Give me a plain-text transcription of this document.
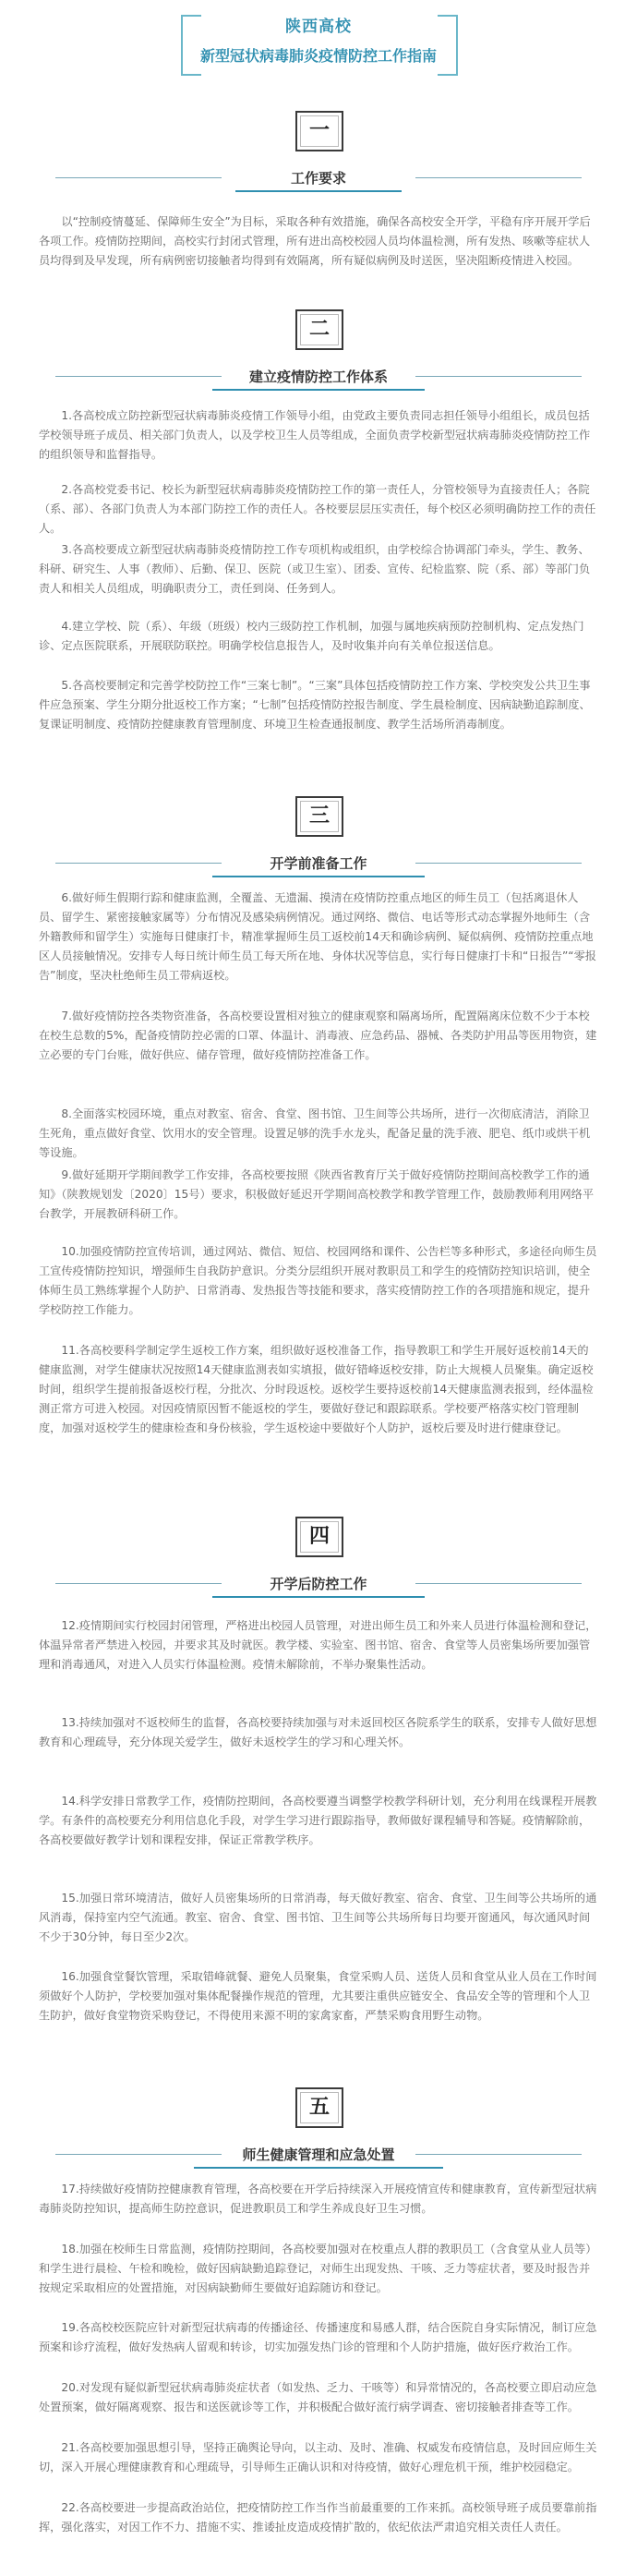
陕西高校
新型冠状病毒肺炎疫情防控工作指南
一
工作要求

以“控制疫情蔓延、保障师生安全”为目标，采取各种有效措施，确保各高校安全开学，平稳有序开展开学后各项工作。疫情防控期间，高校实行封闭式管理，所有进出高校校园人员均体温检测，所有发热、咳嗽等症状人员均得到及早发现，所有病例密切接触者均得到有效隔离，所有疑似病例及时送医，坚决阻断疫情进入校园。

二
建立疫情防控工作体系

1.各高校成立防控新型冠状病毒肺炎疫情工作领导小组，由党政主要负责同志担任领导小组组长，成员包括学校领导班子成员、相关部门负责人，以及学校卫生人员等组成，全面负责学校新型冠状病毒肺炎疫情防控工作的组织领导和监督指导。

2.各高校党委书记、校长为新型冠状病毒肺炎疫情防控工作的第一责任人，分管校领导为直接责任人；各院（系、部）、各部门负责人为本部门防控工作的责任人。各校要层层压实责任，每个校区必须明确防控工作的责任人。

3.各高校要成立新型冠状病毒肺炎疫情防控工作专项机构或组织，由学校综合协调部门牵头，学生、教务、科研、研究生、人事（教师）、后勤、保卫、医院（或卫生室）、团委、宣传、纪检监察、院（系、部）等部门负责人和相关人员组成，明确职责分工，责任到岗、任务到人。

4.建立学校、院（系）、年级（班级）校内三级防控工作机制，加强与属地疾病预防控制机构、定点发热门诊、定点医院联系，开展联防联控。明确学校信息报告人，及时收集并向有关单位报送信息。

5.各高校要制定和完善学校防控工作“三案七制”。“三案”具体包括疫情防控工作方案、学校突发公共卫生事件应急预案、学生分期分批返校工作方案；“七制”包括疫情防控报告制度、学生晨检制度、因病缺勤追踪制度、复课证明制度、疫情防控健康教育管理制度、环境卫生检查通报制度、教学生活场所消毒制度。

三
开学前准备工作

6.做好师生假期行踪和健康监测，全覆盖、无遗漏、摸清在疫情防控重点地区的师生员工（包括离退休人员、留学生、紧密接触家属等）分布情况及感染病例情况。通过网络、微信、电话等形式动态掌握外地师生（含外籍教师和留学生）实施每日健康打卡，精准掌握师生员工返校前14天和确诊病例、疑似病例、疫情防控重点地区人员接触情况。安排专人每日统计师生员工每天所在地、身体状况等信息，实行每日健康打卡和“日报告”“零报告”制度，坚决杜绝师生员工带病返校。

7.做好疫情防控各类物资准备，各高校要设置相对独立的健康观察和隔离场所，配置隔离床位数不少于本校在校生总数的5%，配备疫情防控必需的口罩、体温计、消毒液、应急药品、器械、各类防护用品等医用物资，建立必要的专门台账，做好供应、储存管理，做好疫情防控准备工作。

8.全面落实校园环境，重点对教室、宿舍、食堂、图书馆、卫生间等公共场所，进行一次彻底清洁，消除卫生死角，重点做好食堂、饮用水的安全管理。设置足够的洗手水龙头，配备足量的洗手液、肥皂、纸巾或烘干机等设施。

9.做好延期开学期间教学工作安排，各高校要按照《陕西省教育厅关于做好疫情防控期间高校教学工作的通知》（陕教规划发〔2020〕15号）要求，积极做好延迟开学期间高校教学和教学管理工作，鼓励教师利用网络平台教学，开展教研科研工作。

10.加强疫情防控宣传培训，通过网站、微信、短信、校园网络和课件、公告栏等多种形式，多途径向师生员工宣传疫情防控知识，增强师生自我防护意识。分类分层组织开展对教职员工和学生的疫情防控知识培训，使全体师生员工熟练掌握个人防护、日常消毒、发热报告等技能和要求，落实疫情防控工作的各项措施和规定，提升学校防控工作能力。

11.各高校要科学制定学生返校工作方案，组织做好返校准备工作，指导教职工和学生开展好返校前14天的健康监测，对学生健康状况按照14天健康监测表如实填报，做好错峰返校安排，防止大规模人员聚集。确定返校时间，组织学生提前报备返校行程，分批次、分时段返校。返校学生要持返校前14天健康监测表报到，经体温检测正常方可进入校园。对因疫情原因暂不能返校的学生，要做好登记和跟踪联系。学校要严格落实校门管理制度，加强对返校学生的健康检查和身份核验，学生返校途中要做好个人防护，返校后要及时进行健康登记。

四
开学后防控工作

12.疫情期间实行校园封闭管理，严格进出校园人员管理，对进出师生员工和外来人员进行体温检测和登记，体温异常者严禁进入校园，并要求其及时就医。教学楼、实验室、图书馆、宿舍、食堂等人员密集场所要加强管理和消毒通风，对进入人员实行体温检测。疫情未解除前，不举办聚集性活动。

13.持续加强对不返校师生的监督，各高校要持续加强与对未返回校区各院系学生的联系，安排专人做好思想教育和心理疏导，充分体现关爱学生，做好未返校学生的学习和心理关怀。

14.科学安排日常教学工作，疫情防控期间，各高校要遵当调整学校教学科研计划，充分利用在线课程开展教学。有条件的高校要充分利用信息化手段，对学生学习进行跟踪指导，教师做好课程辅导和答疑。疫情解除前，各高校要做好教学计划和课程安排，保证正常教学秩序。

15.加强日常环境清洁，做好人员密集场所的日常消毒，每天做好教室、宿舍、食堂、卫生间等公共场所的通风消毒，保持室内空气流通。教室、宿舍、食堂、图书馆、卫生间等公共场所每日均要开窗通风，每次通风时间不少于30分钟，每日至少2次。

16.加强食堂餐饮管理，采取错峰就餐、避免人员聚集，食堂采购人员、送货人员和食堂从业人员在工作时间须做好个人防护，学校要加强对集体配餐操作规范的管理，尤其要注重供应链安全、食品安全等的管理和个人卫生防护，做好食堂物资采购登记，不得使用来源不明的家禽家畜，严禁采购食用野生动物。

五
师生健康管理和应急处置

17.持续做好疫情防控健康教育管理，各高校要在开学后持续深入开展疫情宣传和健康教育，宣传新型冠状病毒肺炎防控知识，提高师生防控意识，促进教职员工和学生养成良好卫生习惯。

18.加强在校师生日常监测，疫情防控期间，各高校要加强对在校重点人群的教职员工（含食堂从业人员等）和学生进行晨检、午检和晚检，做好因病缺勤追踪登记，对师生出现发热、干咳、乏力等症状者，要及时报告并按规定采取相应的处置措施，对因病缺勤师生要做好追踪随访和登记。

19.各高校校医院应针对新型冠状病毒的传播途径、传播速度和易感人群，结合医院自身实际情况，制订应急预案和诊疗流程，做好发热病人留观和转诊，切实加强发热门诊的管理和个人防护措施，做好医疗救治工作。

20.对发现有疑似新型冠状病毒肺炎症状者（如发热、乏力、干咳等）和异常情况的，各高校要立即启动应急处置预案，做好隔离观察、报告和送医就诊等工作，并积极配合做好流行病学调查、密切接触者排查等工作。

21.各高校要加强思想引导，坚持正确舆论导向，以主动、及时、准确、权威发布疫情信息，及时回应师生关切，深入开展心理健康教育和心理疏导，引导师生正确认识和对待疫情，做好心理危机干预，维护校园稳定。

22.各高校要进一步提高政治站位，把疫情防控工作当作当前最重要的工作来抓。高校领导班子成员要靠前指挥，强化落实，对因工作不力、措施不实、推诿扯皮造成疫情扩散的，依纪依法严肃追究相关责任人责任。
